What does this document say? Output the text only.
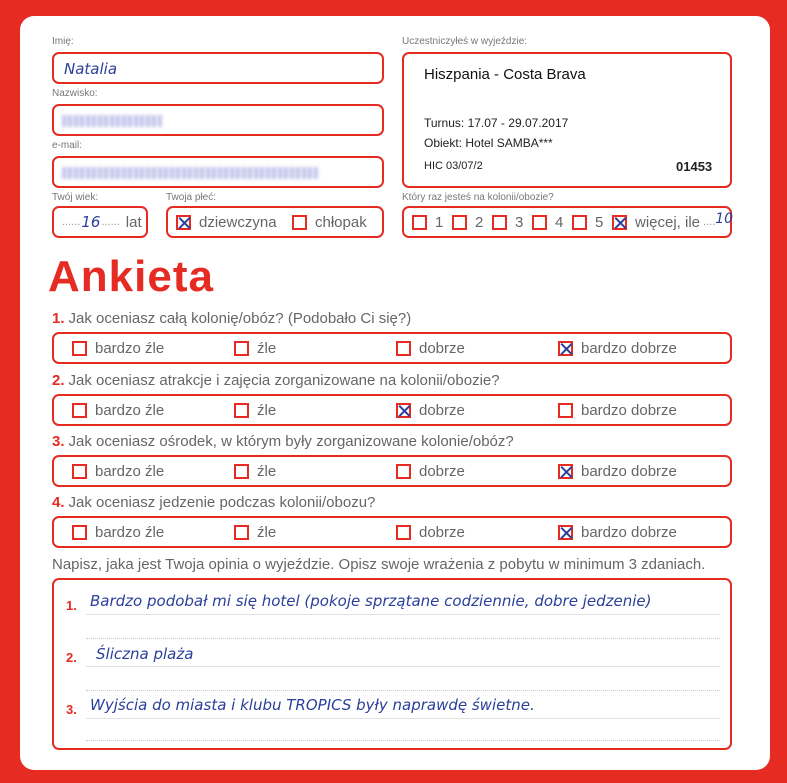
Imię:
Natalia
Nazwisko:
e-mail:
Twój wiek:
...... 16 ...... lat
Twoja płeć:
dziewczyna	chłopak
Uczestniczyłeś w wyjeździe:
Hiszpania - Costa Brava
Turnus: 17.07 - 29.07.2017
Obiekt: Hotel SAMBA***
HIC 03/07/2	01453
Który raz jesteś na kolonii/obozie?
1 2 3 4 5 więcej, ile .... 10
Ankieta
1. Jak oceniasz całą kolonię/obóz? (Podobało Ci się?)
bardzo źle	źle	dobrze	bardzo dobrze
2. Jak oceniasz atrakcje i zajęcia zorganizowane na kolonii/obozie?
bardzo źle	źle	dobrze	bardzo dobrze
3. Jak oceniasz ośrodek, w którym były zorganizowane kolonie/obóz?
bardzo źle	źle	dobrze	bardzo dobrze
4. Jak oceniasz jedzenie podczas kolonii/obozu?
bardzo źle	źle	dobrze	bardzo dobrze
Napisz, jaka jest Twoja opinia o wyjeździe. Opisz swoje wrażenia z pobytu w minimum 3 zdaniach.
1.
2.
3.
Bardzo podobał mi się hotel (pokoje sprzątane codziennie, dobre jedzenie)
Śliczna plaża
Wyjścia do miasta i klubu TROPICS były naprawdę świetne.
